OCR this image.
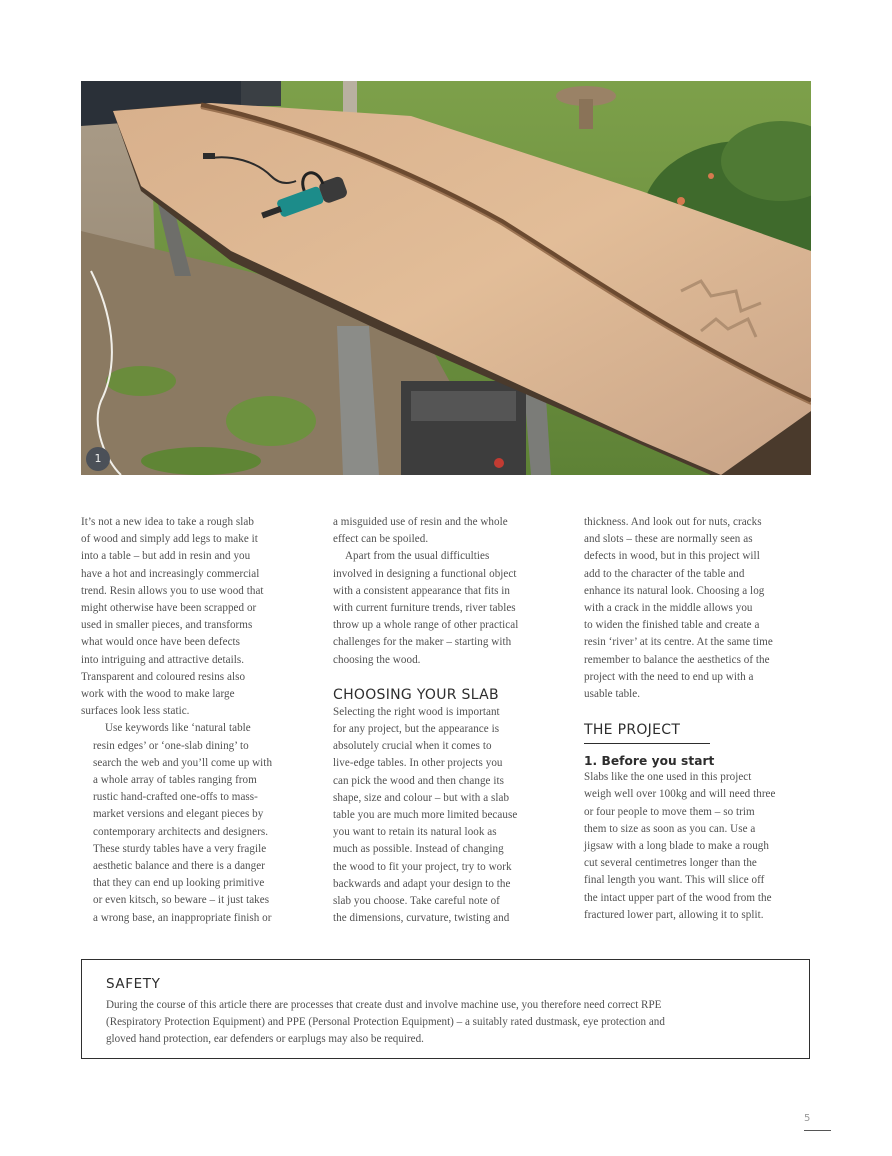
1

It’s not a new idea to take a rough slab
of wood and simply add legs to make it
into a table – but add in resin and you
have a hot and increasingly commercial
trend. Resin allows you to use wood that
might otherwise have been scrapped or
used in smaller pieces, and transforms
what would once have been defects
into intriguing and attractive details.
Transparent and coloured resins also
work with the wood to make large
surfaces look less static.

Use keywords like ‘natural table
resin edges’ or ‘one-slab dining’ to
search the web and you’ll come up with
a whole array of tables ranging from
rustic hand-crafted one-offs to mass-
market versions and elegant pieces by
contemporary architects and designers.
These sturdy tables have a very fragile
aesthetic balance and there is a danger
that they can end up looking primitive
or even kitsch, so beware – it just takes
a wrong base, an inappropriate finish or

a misguided use of resin and the whole
effect can be spoiled.

Apart from the usual difficulties
involved in designing a functional object
with a consistent appearance that fits in
with current furniture trends, river tables
throw up a whole range of other practical
challenges for the maker – starting with
choosing the wood.

CHOOSING YOUR SLAB

Selecting the right wood is important
for any project, but the appearance is
absolutely crucial when it comes to
live-edge tables. In other projects you
can pick the wood and then change its
shape, size and colour – but with a slab
table you are much more limited because
you want to retain its natural look as
much as possible. Instead of changing
the wood to fit your project, try to work
backwards and adapt your design to the
slab you choose. Take careful note of
the dimensions, curvature, twisting and

thickness. And look out for nuts, cracks
and slots – these are normally seen as
defects in wood, but in this project will
add to the character of the table and
enhance its natural look. Choosing a log
with a crack in the middle allows you
to widen the finished table and create a
resin ‘river’ at its centre. At the same time
remember to balance the aesthetics of the
project with the need to end up with a
usable table.

THE PROJECT
1. Before you start

Slabs like the one used in this project
weigh well over 100kg and will need three
or four people to move them – so trim
them to size as soon as you can. Use a
jigsaw with a long blade to make a rough
cut several centimetres longer than the
final length you want. This will slice off
the intact upper part of the wood from the
fractured lower part, allowing it to split.

SAFETY
During the course of this article there are processes that create dust and involve machine use, you therefore need correct RPE
(Respiratory Protection Equipment) and PPE (Personal Protection Equipment) – a suitably rated dustmask, eye protection and
gloved hand protection, ear defenders or earplugs may also be required.
5
